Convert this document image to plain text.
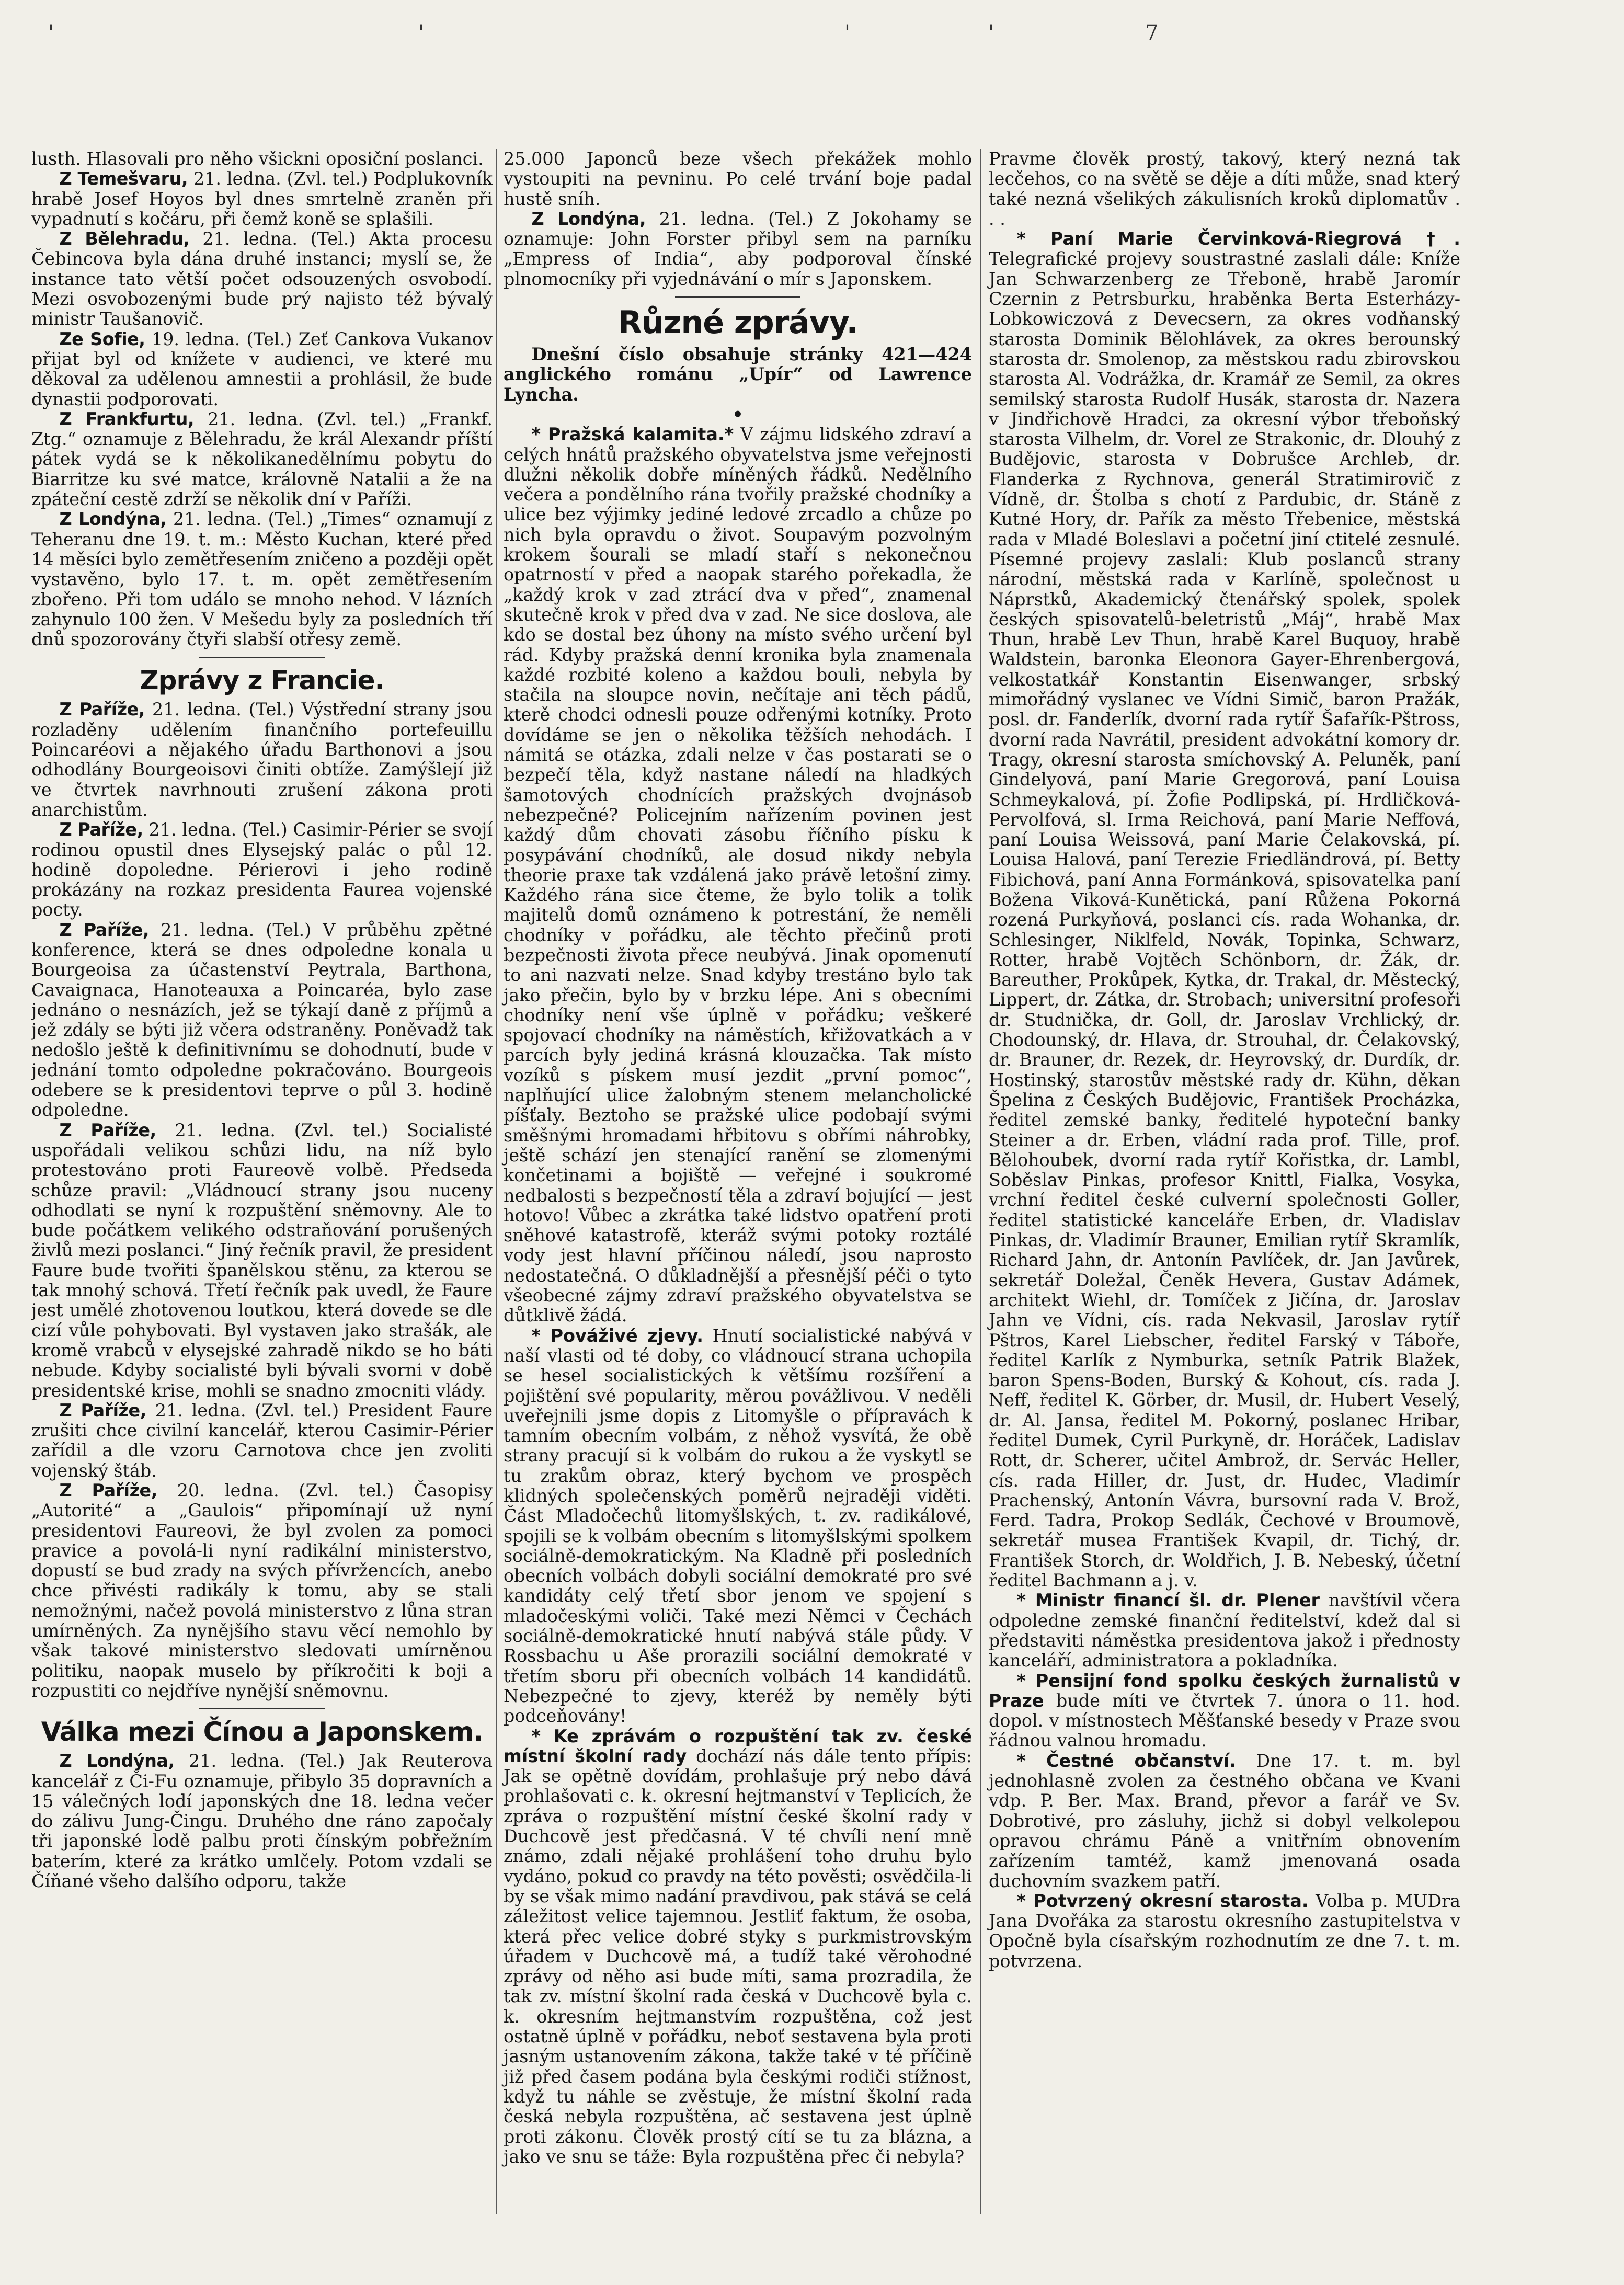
'	'	'	'	7

lusth. Hlasovali pro něho všickni oposiční poslanci.

Z Temešvaru, 21. ledna. (Zvl. tel.) Podplukovník hrabě Josef Hoyos byl dnes smrtelně zraněn při vypadnutí s kočáru, při čemž koně se splašili.

Z Bělehradu, 21. ledna. (Tel.) Akta procesu Čebincova byla dána druhé instanci; myslí se, že instance tato větší počet odsouzených osvobodí. Mezi osvobozenými bude prý najisto též bývalý ministr Taušanovič.

Ze Sofie, 19. ledna. (Tel.) Zeť Cankova Vukanov přijat byl od knížete v audienci, ve které mu děkoval za udělenou amnestii a prohlásil, že bude dynastii podporovati.

Z Frankfurtu, 21. ledna. (Zvl. tel.) „Frankf. Ztg.“ oznamuje z Bělehradu, že král Alexandr příští pátek vydá se k několikanedělnímu pobytu do Biarritze ku své matce, královně Natalii a že na zpáteční cestě zdrží se několik dní v Paříži.

Z Londýna, 21. ledna. (Tel.) „Times“ oznamují z Teheranu dne 19. t. m.: Město Kuchan, které před 14 měsíci bylo zemětřesením zničeno a později opět vystavěno, bylo 17. t. m. opět zemětřesením zbořeno. Při tom událo se mnoho nehod. V lázních zahynulo 100 žen. V Mešedu byly za posledních tří dnů spozorovány čtyři slabší otřesy země.

Zprávy z Francie.

Z Paříže, 21. ledna. (Tel.) Výstřední strany jsou rozladěny udělením finančního portefeuillu Poincaréovi a nějakého úřadu Barthonovi a jsou odhodlány Bourgeoisovi činiti obtíže. Zamýšlejí již ve čtvrtek navrhnouti zrušení zákona proti anarchistům.

Z Paříže, 21. ledna. (Tel.) Casimir-Périer se svojí rodinou opustil dnes Elysejský palác o půl 12. hodině dopoledne. Périerovi i jeho rodině prokázány na rozkaz presidenta Faurea vojenské pocty.

Z Paříže, 21. ledna. (Tel.) V průběhu zpětné konference, která se dnes odpoledne konala u Bourgeoisa za účastenství Peytrala, Barthona, Cavaignaca, Hanoteauxa a Poincaréa, bylo zase jednáno o nesnázích, jež se týkají daně z příjmů a jež zdály se býti již včera odstraněny. Poněvadž tak nedošlo ještě k definitivnímu se dohodnutí, bude v jednání tomto odpoledne pokračováno. Bourgeois odebere se k presidentovi teprve o půl 3. hodině odpoledne.

Z Paříže, 21. ledna. (Zvl. tel.) Socialisté uspořádali velikou schůzi lidu, na níž bylo protestováno proti Faureově volbě. Předseda schůze pravil: „Vládnoucí strany jsou nuceny odhodlati se nyní k rozpuštění sněmovny. Ale to bude počátkem velikého odstraňování porušených živlů mezi poslanci.“ Jiný řečník pravil, že president Faure bude tvořiti španělskou stěnu, za kterou se tak mnohý schová. Třetí řečník pak uvedl, že Faure jest umělé zhotovenou loutkou, která dovede se dle cizí vůle pohybovati. Byl vystaven jako strašák, ale kromě vrabců v elysejské zahradě nikdo se ho báti nebude. Kdyby socialisté byli bývali svorni v době presidentské krise, mohli se snadno zmocniti vlády.

Z Paříže, 21. ledna. (Zvl. tel.) President Faure zrušiti chce civilní kancelář, kterou Casimir-Périer zařídil a dle vzoru Carnotova chce jen zvoliti vojenský štáb.

Z Paříže, 20. ledna. (Zvl. tel.) Časopisy „Autorité“ a „Gaulois“ připomínají už nyní presidentovi Faureovi, že byl zvolen za pomoci pravice a povolá-li nyní radikální ministerstvo, dopustí se bud zrady na svých přívržencích, anebo chce přivésti radikály k tomu, aby se stali nemožnými, načež povolá ministerstvo z lůna stran umírněných. Za nynějšího stavu věcí nemohlo by však takové ministerstvo sledovati umírněnou politiku, naopak muselo by příkročiti k boji a rozpustiti co nejdříve nynější sněmovnu.

Válka mezi Čínou a Japonskem.

Z Londýna, 21. ledna. (Tel.) Jak Reuterova kancelář z Či-Fu oznamuje, přibylo 35 dopravních a 15 válečných lodí japonských dne 18. ledna večer do zálivu Jung-Čingu. Druhého dne ráno započaly tři japonské lodě palbu proti čínským pobřežním baterím, které za krátko umlčely. Potom vzdali se Číňané všeho dalšího odporu, takže

25.000 Japonců beze všech překážek mohlo vystoupiti na pevninu. Po celé trvání boje padal hustě sníh.

Z Londýna, 21. ledna. (Tel.) Z Jokohamy se oznamuje: John Forster přibyl sem na parníku „Empress of India“, aby podporoval čínské plnomocníky při vyjednávání o mír s Japonskem.

Různé zprávy.

Dnešní číslo obsahuje stránky 421—424 anglického románu „Upír“ od Lawrence Lyncha.

•

* Pražská kalamita.* V zájmu lidského zdraví a celých hnátů pražského obyvatelstva jsme veřejnosti dlužni několik dobře míněných řádků. Nedělního večera a pondělního rána tvořily pražské chodníky a ulice bez výjimky jediné ledové zrcadlo a chůze po nich byla opravdu o život. Soupavým pozvolným krokem šourali se mladí staří s nekonečnou opatrností v před a naopak starého pořekadla, že „každý krok v zad ztrácí dva v před“, znamenal skutečně krok v před dva v zad. Ne sice doslova, ale kdo se dostal bez úhony na místo svého určení byl rád. Kdyby pražská denní kronika byla znamenala každé rozbité koleno a každou bouli, nebyla by stačila na sloupce novin, nečítaje ani těch pádů, kterě chodci odnesli pouze odřenými kotníky. Proto dovídáme se jen o několika těžších nehodách. I námitá se otázka, zdali nelze v čas postarati se o bezpečí těla, když nastane náledí na hladkých šamotových chodnících pražských dvojnásob nebezpečné? Policejním nařízením povinen jest každý dům chovati zásobu říčního písku k posypávání chodníků, ale dosud nikdy nebyla theorie praxe tak vzdálená jako právě letošní zimy. Každého rána sice čteme, že bylo tolik a tolik majitelů domů oznámeno k potrestání, že neměli chodníky v pořádku, ale těchto přečinů proti bezpečnosti života přece neubývá. Jinak opomenutí to ani nazvati nelze. Snad kdyby trestáno bylo tak jako přečin, bylo by v brzku lépe. Ani s obecními chodníky není vše úplně v pořádku; veškeré spojovací chodníky na náměstích, křižovatkách a v parcích byly jediná krásná klouzačka. Tak místo vozíků s pískem musí jezdit „první pomoc“, naplňující ulice žalobným stenem melancholické píšťaly. Beztoho se pražské ulice podobají svými směšnými hromadami hřbitovu s obřími náhrobky, ještě schází jen stenající ranění se zlomenými končetinami a bojiště — veřejné i soukromé nedbalosti s bezpečností těla a zdraví bojující — jest hotovo! Vůbec a zkrátka také lidstvo opatření proti sněhové katastrofě, kteráž svými potoky roztálé vody jest hlavní příčinou náledí, jsou naprosto nedostatečná. O důkladnější a přesnější péči o tyto všeobecné zájmy zdraví pražského obyvatelstva se důtklivě žádá.

* Pováživé zjevy. Hnutí socialistické nabývá v naší vlasti od té doby, co vládnoucí strana uchopila se hesel socialistických k většímu rozšíření a pojištění své popularity, měrou povážlivou. V neděli uveřejnili jsme dopis z Litomyšle o přípravách k tamním obecním volbám, z něhož vysvítá, že obě strany pracují si k volbám do rukou a že vyskytl se tu zrakům obraz, který bychom ve prospěch klidných společenských poměrů nejraději viděti. Část Mladočechů litomyšlských, t. zv. radikálové, spojili se k volbám obecním s litomyšlskými spolkem sociálně-demokratickým. Na Kladně při posledních obecních volbách dobyli sociální demokraté pro své kandidáty celý třetí sbor jenom ve spojení s mladočeskými voliči. Také mezi Němci v Čechách sociálně-demokratické hnutí nabývá stále půdy. V Rossbachu u Aše prorazili sociální demokraté v třetím sboru při obecních volbách 14 kandidátů. Nebezpečné to zjevy, kteréž by neměly býti podceňovány!

* Ke zprávám o rozpuštění tak zv. české místní školní rady dochází nás dále tento přípis: Jak se opětně dovídám, prohlašuje prý nebo dává prohlašovati c. k. okresní hejtmanství v Teplicích, že zpráva o rozpuštění místní české školní rady v Duchcově jest předčasná. V té chvíli není mně známo, zdali nějaké prohlášení toho druhu bylo vydáno, pokud co pravdy na této pověsti; osvědčila-li by se však mimo nadání pravdivou, pak stává se celá záležitost velice tajemnou. Jestliť faktum, že osoba, která přec velice dobré styky s purkmistrovským úřadem v Duchcově má, a tudíž také věrohodné zprávy od něho asi bude míti, sama prozradila, že tak zv. místní školní rada česká v Duchcově byla c. k. okresním hejtmanstvím rozpuštěna, což jest ostatně úplně v pořádku, neboť sestavena byla proti jasným ustanovením zákona, takže také v té příčině již před časem podána byla českými rodiči stížnost, když tu náhle se zvěstuje, že místní školní rada česká nebyla rozpuštěna, ač sestavena jest úplně proti zákonu. Člověk prostý cítí se tu za blázna, a jako ve snu se táže: Byla rozpuštěna přec či nebyla?

Pravme člověk prostý, takový, který nezná tak lecčehos, co na světě se děje a díti může, snad který také nezná všelikých zákulisních kroků diplomatův . . .

* Paní Marie Červinková-Riegrová †. Telegrafické projevy soustrastné zaslali dále: Kníže Jan Schwarzenberg ze Třeboně, hrabě Jaromír Czernin z Petrsburku, hraběnka Berta Esterházy-Lobkowiczová z Devecsern, za okres vodňanský starosta Dominik Bělohlávek, za okres berounský starosta dr. Smolenop, za městskou radu zbirovskou starosta Al. Vodrážka, dr. Kramář ze Semil, za okres semilský starosta Rudolf Husák, starosta dr. Nazera v Jindřichově Hradci, za okresní výbor třeboňský starosta Vilhelm, dr. Vorel ze Strakonic, dr. Dlouhý z Budějovic, starosta v Dobrušce Archleb, dr. Flanderka z Rychnova, generál Stratimirovič z Vídně, dr. Štolba s chotí z Pardubic, dr. Stáně z Kutné Hory, dr. Pařík za město Třebenice, městská rada v Mladé Boleslavi a početní jiní ctitelé zesnulé. Písemné projevy zaslali: Klub poslanců strany národní, městská rada v Karlíně, společnost u Náprstků, Akademický čtenářský spolek, spolek českých spisovatelů-beletristů „Máj“, hrabě Max Thun, hrabě Lev Thun, hrabě Karel Buquoy, hrabě Waldstein, baronka Eleonora Gayer-Ehrenbergová, velkostatkář Konstantin Eisenwanger, srbský mimořádný vyslanec ve Vídni Simič, baron Pražák, posl. dr. Fanderlík, dvorní rada rytíř Šafařík-Pštross, dvorní rada Navrátil, president advokátní komory dr. Tragy, okresní starosta smíchovský A. Peluněk, paní Gindelyová, paní Marie Gregorová, paní Louisa Schmeykalová, pí. Žofie Podlipská, pí. Hrdličková-Pervolfová, sl. Irma Reichová, paní Marie Neffová, paní Louisa Weissová, paní Marie Čelakovská, pí. Louisa Halová, paní Terezie Friedländrová, pí. Betty Fibichová, paní Anna Formánková, spisovatelka paní Božena Viková-Kunětická, paní Růžena Pokorná rozená Purkyňová, poslanci cís. rada Wohanka, dr. Schlesinger, Niklfeld, Novák, Topinka, Schwarz, Rotter, hrabě Vojtěch Schönborn, dr. Žák, dr. Bareuther, Prokůpek, Kytka, dr. Trakal, dr. Městecký, Lippert, dr. Zátka, dr. Strobach; universitní profesoři dr. Studnička, dr. Goll, dr. Jaroslav Vrchlický, dr. Chodounský, dr. Hlava, dr. Strouhal, dr. Čelakovský, dr. Brauner, dr. Rezek, dr. Heyrovský, dr. Durdík, dr. Hostinský, starostův městské rady dr. Kühn, děkan Špelina z Českých Budějovic, František Procházka, ředitel zemské banky, ředitelé hypoteční banky Steiner a dr. Erben, vládní rada prof. Tille, prof. Bělohoubek, dvorní rada rytíř Kořistka, dr. Lambl, Soběslav Pinkas, profesor Knittl, Fialka, Vosyka, vrchní ředitel české culverní společnosti Goller, ředitel statistické kanceláře Erben, dr. Vladislav Pinkas, dr. Vladimír Brauner, Emilian rytíř Skramlík, Richard Jahn, dr. Antonín Pavlíček, dr. Jan Javůrek, sekretář Doležal, Čeněk Hevera, Gustav Adámek, architekt Wiehl, dr. Tomíček z Jičína, dr. Jaroslav Jahn ve Vídni, cís. rada Nekvasil, Jaroslav rytíř Pštros, Karel Liebscher, ředitel Farský v Táboře, ředitel Karlík z Nymburka, setník Patrik Blažek, baron Spens-Boden, Burský & Kohout, cís. rada J. Neff, ředitel K. Görber, dr. Musil, dr. Hubert Veselý, dr. Al. Jansa, ředitel M. Pokorný, poslanec Hribar, ředitel Dumek, Cyril Purkyně, dr. Horáček, Ladislav Rott, dr. Scherer, učitel Ambrož, dr. Servác Heller, cís. rada Hiller, dr. Just, dr. Hudec, Vladimír Prachenský, Antonín Vávra, bursovní rada V. Brož, Ferd. Tadra, Prokop Sedlák, Čechové v Broumově, sekretář musea František Kvapil, dr. Tichý, dr. František Storch, dr. Woldřich, J. B. Nebeský, účetní ředitel Bachmann a j. v.

* Ministr financí šl. dr. Plener navštívil včera odpoledne zemské finanční ředitelství, kdež dal si představiti náměstka presidentova jakož i přednosty kanceláří, administratora a pokladníka.

* Pensijní fond spolku českých žurnalistů v Praze bude míti ve čtvrtek 7. února o 11. hod. dopol. v místnostech Měšťanské besedy v Praze svou řádnou valnou hromadu.

* Čestné občanství. Dne 17. t. m. byl jednohlasně zvolen za čestného občana ve Kvani vdp. P. Ber. Max. Brand, převor a farář ve Sv. Dobrotivé, pro zásluhy, jichž si dobyl velkolepou opravou chrámu Páně a vnitřním obnovením zařízením tamtéž, kamž jmenovaná osada duchovním svazkem patří.

* Potvrzený okresní starosta. Volba p. MUDra Jana Dvořáka za starostu okresního zastupitelstva v Opočně byla císařským rozhodnutím ze dne 7. t. m. potvrzena.
